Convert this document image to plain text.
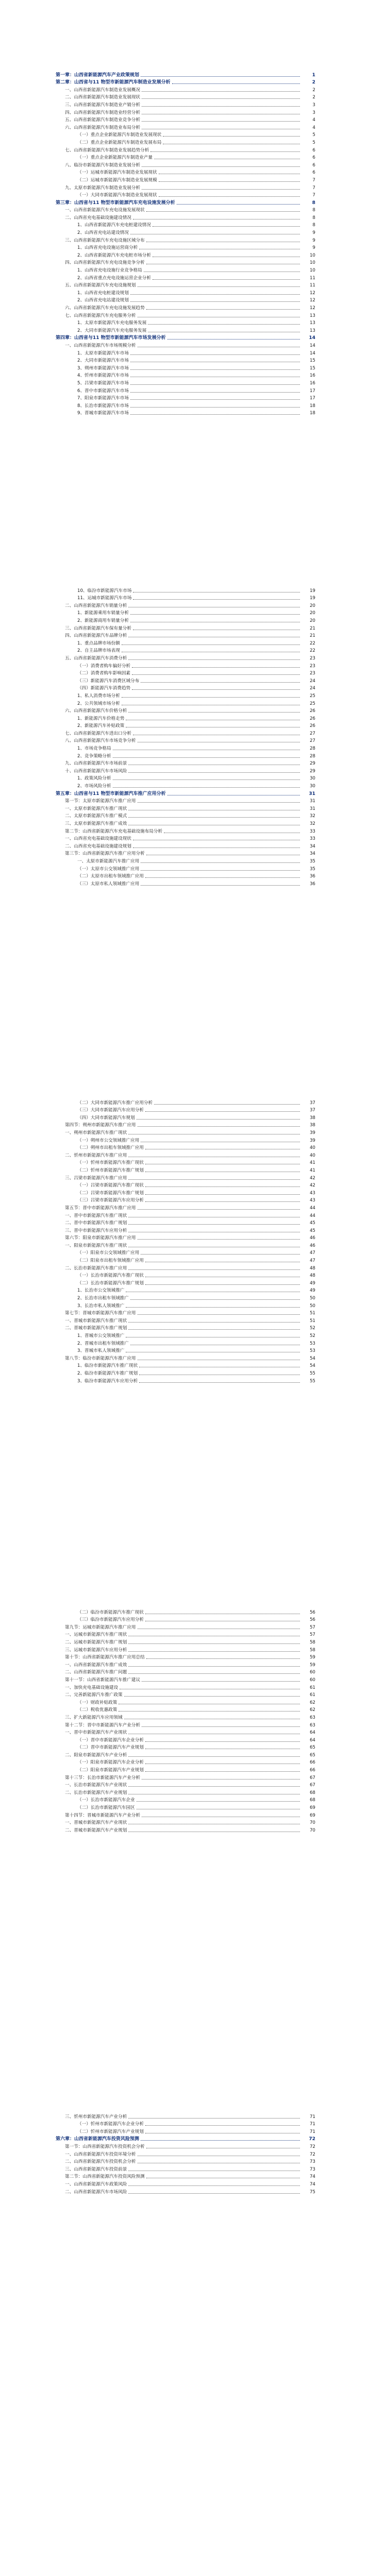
第一章：山西省新能源汽车产业政策规划	1
第二章：山西省与11 物型市新能源汽车制造业发展分析	2
一、山西省新能源汽车制造业发展概况	2
二、山西省新能源汽车制造业发展现状	2
三、山西省新能源汽车制造业产销分析	3
四、山西省新能源汽车制造业经营分析	3
五、山西省新能源汽车制造业竞争分析	4
六、山西省新能源汽车制造业布局分析	4
（一）重点企业新能源汽车制造业发展现状	5
（二）重点企业新能源汽车制造业发展布局	5
七、山西省新能源汽车制造业发展趋势分析	6
（一）重点企业新能源汽车制造业产量	6
八、临汾市新能源汽车制造业发展分析	6
（一）运城市新能源汽车制造业发展现状	6
（二）运城市新能源汽车制造业发展规模	7
九、太原市新能源汽车制造业发展分析	7
（一）大同市新能源汽车制造业发展现状	7
第三章：山西省与11 物型市新能源汽车充电设施发展分析	8
一、山西省新能源汽车充电设施发展现状	8
二、山西省充电基础设施建设情况	8
1、山西省新能源汽车充电桩建设情况	8
2、山西省充电站建设情况	9
三、山西省新能源汽车充电设施区域分布	9
1、山西省充电设施运营商分析	9
2、山西省新能源汽车充电桩市场分析	10
四、山西省新能源汽车充电设施竞争分析	10
1、山西省充电设施行业竞争格局	10
2、山西省重点充电设施运营企业分析	11
五、山西省新能源汽车充电设施规划	11
1、山西省充电桩建设规划	12
2、山西省充电站建设规划	12
六、山西省新能源汽车充电设施发展趋势	12
七、山西省新能源汽车充电服务分析	13
1、太原市新能源汽车充电服务发展	13
2、大同市新能源汽车充电服务发展	13
第四章：山西省与11 物型市新能源汽车市场发展分析	14
一、山西省新能源汽车市场规模分析	14
1、太原市新能源汽车市场	14
2、大同市新能源汽车市场	15
3、朔州市新能源汽车市场	15
4、忻州市新能源汽车市场	16
5、吕梁市新能源汽车市场	16
6、晋中市新能源汽车市场	17
7、阳泉市新能源汽车市场	17
8、长治市新能源汽车市场	18
9、晋城市新能源汽车市场	18
10、临汾市新能源汽车市场	19
11、运城市新能源汽车市场	19
二、山西省新能源汽车销量分析	20
1、新能源乘用车销量分析	20
2、新能源商用车销量分析	20
三、山西省新能源汽车保有量分析	21
四、山西省新能源汽车品牌分析	21
1、重点品牌市场份额	22
2、自主品牌市场表现	22
五、山西省新能源汽车消费分析	23
（一）消费者购车偏好分析	23
（二）消费者购车影响因素	23
（三）新能源汽车消费区域分布	24
（四）新能源汽车消费趋势	24
1、私人消费市场分析	25
2、公共领域市场分析	25
六、山西省新能源汽车价格分析	26
1、新能源汽车价格走势	26
2、新能源汽车补贴政策	26
七、山西省新能源汽车进出口分析	27
八、山西省新能源汽车市场竞争分析	27
1、市场竞争格局	28
2、竞争策略分析	28
九、山西省新能源汽车市场前景	29
十、山西省新能源汽车市场风险	29
1、政策风险分析	30
2、市场风险分析	30
第五章：山西省与11 物型市新能源汽车推广应用分析	31
第一节：太原市新能源汽车推广应用	31
一、太原市新能源汽车推广现状	31
二、太原市新能源汽车推广模式	32
三、太原市新能源汽车推广成效	32
第二节：山西省新能源汽车充电基础设施布局分析	33
一、山西省充电基础设施建设现状	33
二、山西省充电基础设施建设规划	34
第三节：山西省新能源汽车推广应用分析	34
一、太原市新能源汽车推广应用	35
（一）太原市公交领域推广应用	35
（二）太原市出租车领域推广应用	36
（三）太原市私人领域推广应用	36
（二）大同市新能源汽车推广应用分析	37
（三）大同市新能源汽车应用分析	37
（四）大同市新能源汽车规划	38
第四节：朔州市新能源汽车推广应用	38
一、朔州市新能源汽车推广现状	39
（一）朔州市公交领域推广应用	39
（二）朔州市出租车领域推广应用	40
二、忻州市新能源汽车推广应用	40
（一）忻州市新能源汽车推广现状	41
（二）忻州市新能源汽车推广规划	41
三、吕梁市新能源汽车推广应用	42
（一）吕梁市新能源汽车推广现状	42
（二）吕梁市新能源汽车推广规划	43
（三）吕梁市新能源汽车应用分析	43
第五节：晋中市新能源汽车推广应用	44
一、晋中市新能源汽车推广现状	44
二、晋中市新能源汽车推广规划	45
三、晋中市新能源汽车应用分析	45
第六节：阳泉市新能源汽车推广应用	46
一、阳泉市新能源汽车推广现状	46
（一）阳泉市公交领域推广应用	47
（二）阳泉市出租车领域推广应用	47
二、长治市新能源汽车推广应用	48
（一）长治市新能源汽车推广现状	48
（二）长治市新能源汽车推广规划	49
1、长治市公交领域推广	49
2、长治市出租车领域推广	50
3、长治市私人领域推广	50
第七节：晋城市新能源汽车推广应用	51
一、晋城市新能源汽车推广现状	51
二、晋城市新能源汽车推广规划	52
1、晋城市公交领域推广	52
2、晋城市出租车领域推广	53
3、晋城市私人领域推广	53
第八节：临汾市新能源汽车推广应用	54
1、临汾市新能源汽车推广现状	54
2、临汾市新能源汽车推广规划	55
3、临汾市新能源汽车应用分析	55
（二）临汾市新能源汽车推广现状	56
（三）临汾市新能源汽车应用分析	56
第九节：运城市新能源汽车推广应用	57
一、运城市新能源汽车推广现状	57
二、运城市新能源汽车推广规划	58
三、运城市新能源汽车应用分析	58
第十节：山西省新能源汽车推广应用总结	59
一、山西省新能源汽车推广成效	59
二、山西省新能源汽车推广问题	60
第十一节：山西省新能源汽车推广建议	60
一、加快充电基础设施建设	61
二、完善新能源汽车推广政策	61
（一）财政补贴政策	62
（二）税收优惠政策	62
三、扩大新能源汽车应用领域	63
第十二节：晋中市新能源汽车产业分析	63
一、晋中市新能源汽车产业现状	64
（一）晋中市新能源汽车企业分析	64
（二）晋中市新能源汽车产业规划	65
二、阳泉市新能源汽车产业分析	65
（一）阳泉市新能源汽车企业分析	66
（二）阳泉市新能源汽车产业规划	66
第十三节：长治市新能源汽车产业分析	67
一、长治市新能源汽车产业现状	67
二、长治市新能源汽车产业规划	68
（一）长治市新能源汽车企业	68
（二）长治市新能源汽车园区	69
第十四节：晋城市新能源汽车产业分析	69
一、晋城市新能源汽车产业现状	70
二、晋城市新能源汽车产业规划	70
三、忻州市新能源汽车产业分析	71
（一）忻州市新能源汽车企业分析	71
（二）忻州市新能源汽车产业规划	71
第六章：山西省新能源汽车投资风险预测	72
第一节：山西省新能源汽车投资机会分析	72
一、山西省新能源汽车投资环境分析	72
二、山西省新能源汽车投资机会分析	73
三、山西省新能源汽车投资前景	73
第二节：山西省新能源汽车投资风险预测	74
一、山西省新能源汽车政策风险	74
二、山西省新能源汽车市场风险	75
